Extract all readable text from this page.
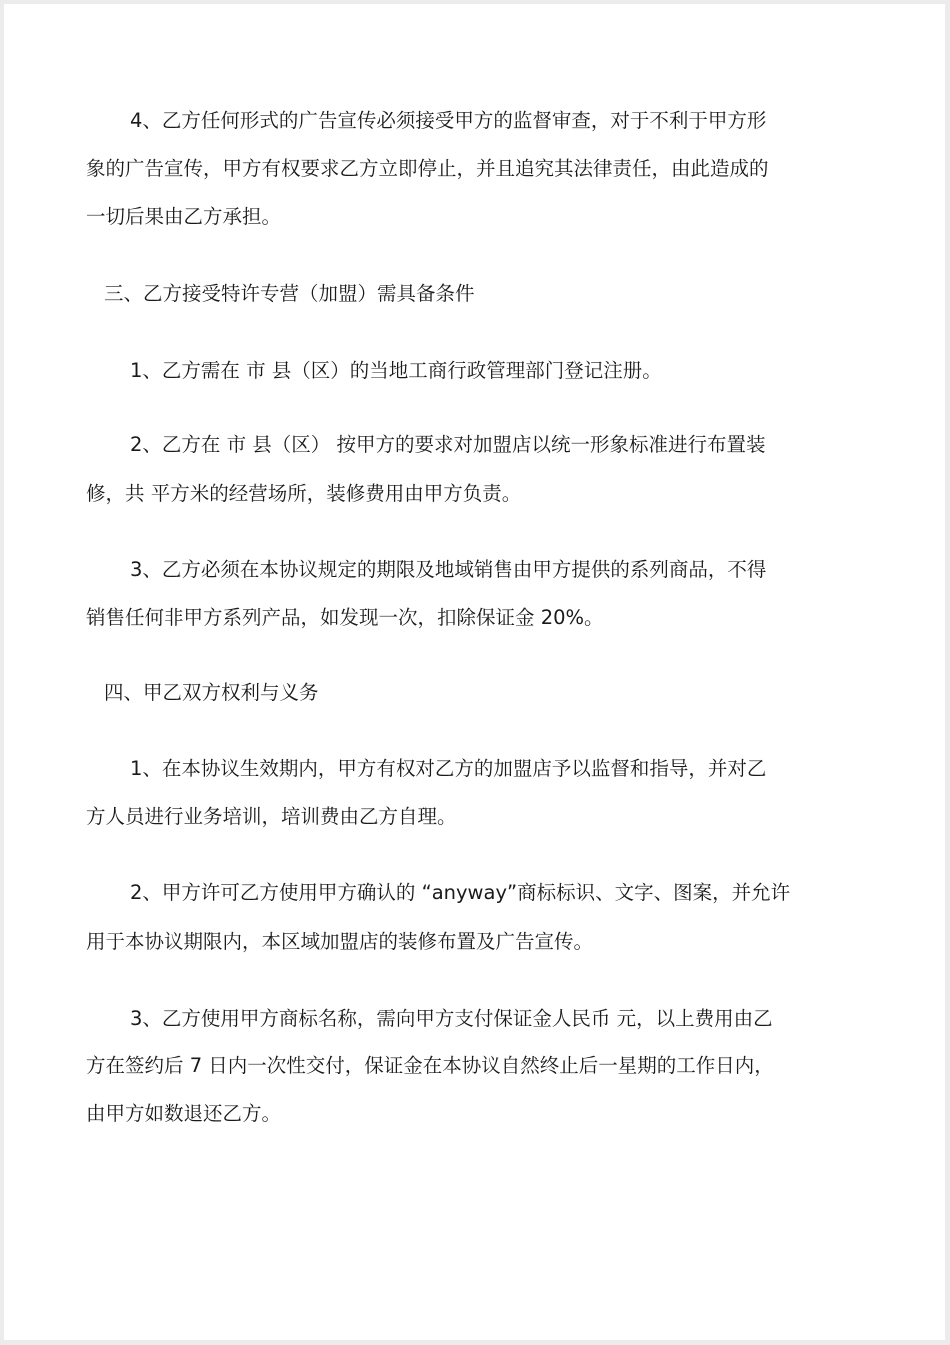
4、乙方任何形式的广告宣传必须接受甲方的监督审查，对于不利于甲方形
象的广告宣传，甲方有权要求乙方立即停止，并且追究其法律责任，由此造成的
一切后果由乙方承担。
三、乙方接受特许专营（加盟）需具备条件
1、乙方需在 市 县（区）的当地工商行政管理部门登记注册。
2、乙方在 市 县（区） 按甲方的要求对加盟店以统一形象标准进行布置装
修，共 平方米的经营场所，装修费用由甲方负责。
3、乙方必须在本协议规定的期限及地域销售由甲方提供的系列商品，不得
销售任何非甲方系列产品，如发现一次，扣除保证金 20%。
四、甲乙双方权利与义务
1、在本协议生效期内，甲方有权对乙方的加盟店予以监督和指导，并对乙
方人员进行业务培训，培训费由乙方自理。
2、甲方许可乙方使用甲方确认的 “anyway”商标标识、文字、图案，并允许
用于本协议期限内，本区域加盟店的装修布置及广告宣传。
3、乙方使用甲方商标名称，需向甲方支付保证金人民币 元，以上费用由乙
方在签约后 7 日内一次性交付，保证金在本协议自然终止后一星期的工作日内，
由甲方如数退还乙方。
